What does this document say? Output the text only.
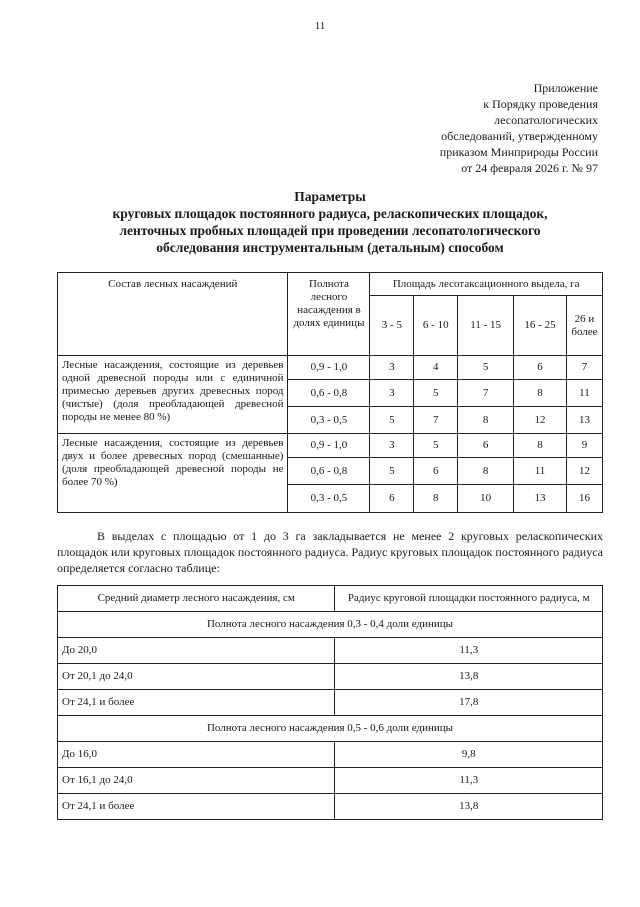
11
Приложение
к Порядку проведения
лесопатологических
обследований, утвержденному
приказом Минприроды России
от 24 февраля 2026 г. № 97
Параметры
круговых площадок постоянного радиуса, реласкопических площадок,
ленточных пробных площадей при проведении лесопатологического
обследования инструментальным (детальным) способом
Состав лесных насаждений	Полнота лесного насаждения в долях единицы	Площадь лесотаксационного выдела, га				
		3 - 5	6 - 10	11 - 15	16 - 25	26 и более
Лесные насаждения, состоящие из деревьев одной древесной породы или с единичной примесью деревьев других древесных пород (чистые) (доля преобладающей древесной породы не менее 80 %)	0,9 - 1,0	3	4	5	6	7
	0,6 - 0,8	3	5	7	8	11
	0,3 - 0,5	5	7	8	12	13
Лесные насаждения, состоящие из деревьев двух и более древесных пород (смешанные) (доля преобладающей древесной породы не более 70 %)	0,9 - 1,0	3	5	6	8	9
	0,6 - 0,8	5	6	8	11	12
	0,3 - 0,5	6	8	10	13	16
В выделах с площадью от 1 до 3 га закладывается не менее 2 круговых реласкопических площадок или круговых площадок постоянного радиуса. Радиус круговых площадок постоянного радиуса определяется согласно таблице:
Средний диаметр лесного насаждения, см	Радиус круговой площадки постоянного радиуса, м
Полнота лесного насаждения 0,3 - 0,4 доли единицы	
До 20,0	11,3
От 20,1 до 24,0	13,8
От 24,1 и более	17,8
Полнота лесного насаждения 0,5 - 0,6 доли единицы	
До 16,0	9,8
От 16,1 до 24,0	11,3
От 24,1 и более	13,8
